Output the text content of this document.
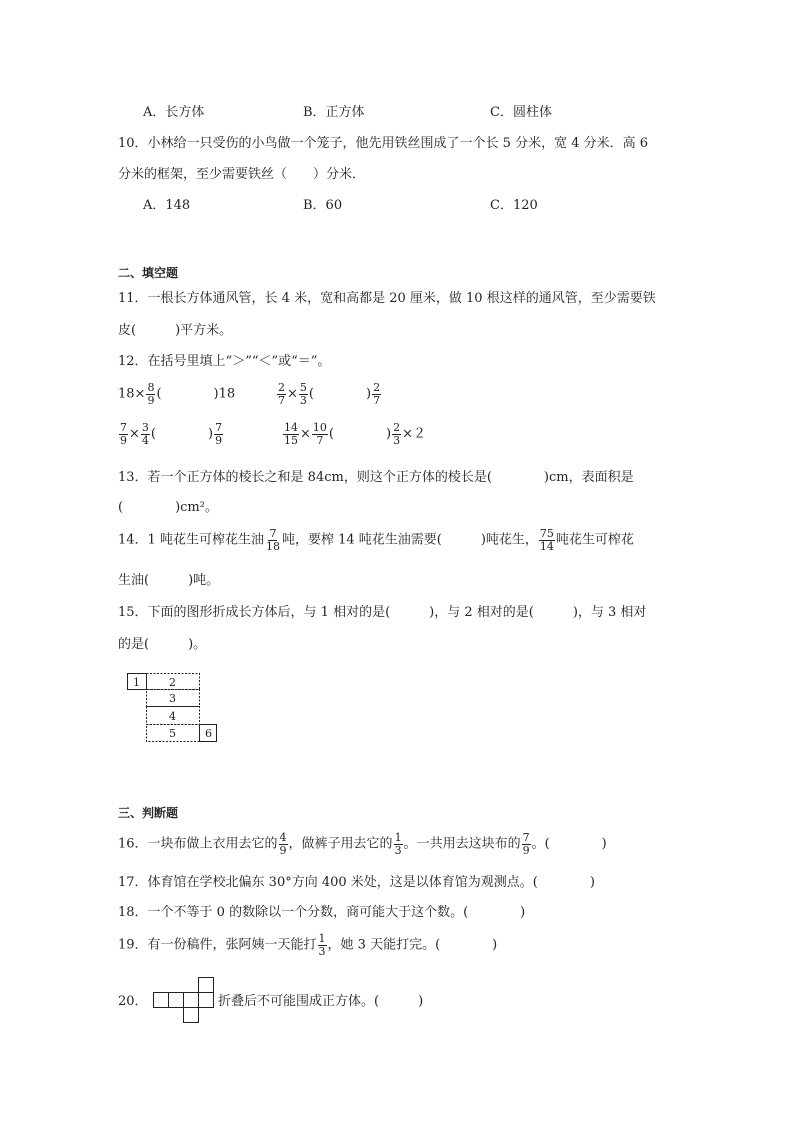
A．长方体	B．正方体	C．圆柱体
10．小林给一只受伤的小鸟做一个笼子，他先用铁丝围成了一个长 5 分米，宽 4 分米．高 6
分米的框架，至少需要铁丝（　　）分米．
A．148	B．60	C．120
二、填空题
11．一根长方体通风管，长 4 米，宽和高都是 20 厘米，做 10 根这样的通风管，至少需要铁
皮(　　　)平方米。
12．在括号里填上“＞”“＜”或“＝”。
$18\times \frac{8}{9}$ (　　　　)18	$\frac{2}{7} \times \frac{5}{3}$ (　　　　) $\frac{2}{7}$
$\frac{7}{9} \times \frac{3}{4}$ (　　　　) $\frac{7}{9}$	$\frac{14}{15} \times \frac{10}{7}$ (　　　　) $\frac{2}{3} \times 2$
13．若一个正方体的棱长之和是 84cm，则这个正方体的棱长是(　　　　)cm，表面积是
(　　　　)cm²。
14．1 吨花生可榨花生油 $\frac{7}{18}$ 吨，要榨 14 吨花生油需要(　　　)吨花生， $\frac{75}{14}$ 吨花生可榨花
生油(　　　)吨。
15．下面的图形折成长方体后，与 1 相对的是(　　　)，与 2 相对的是(　　　)，与 3 相对
的是(　　　)。
1	2
3
4
5	6
三、判断题
16．一块布做上衣用去它的 $\frac{4}{9}$ ，做裤子用去它的 $\frac{1}{3}$ 。一共用去这块布的 $\frac{7}{9}$ 。(　　　　)
17．体育馆在学校北偏东 30°方向 400 米处，这是以体育馆为观测点。(　　　　)
18．一个不等于 0 的数除以一个分数，商可能大于这个数。(　　　　)
19．有一份稿件，张阿姨一天能打 $\frac{1}{3}$ ，她 3 天能打完。(　　　　)
20．	折叠后不可能围成正方体。(　　　)
